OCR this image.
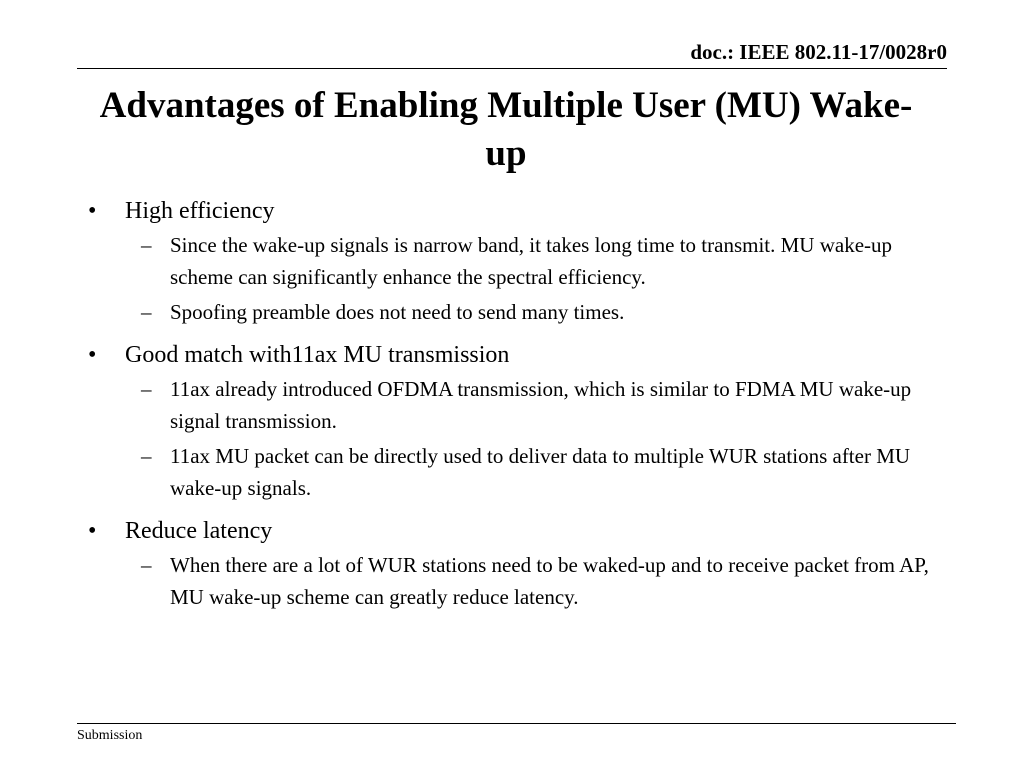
doc.: IEEE 802.11-17/0028r0
Advantages of Enabling Multiple User (MU) Wake-up
• High efficiency
– Since the wake-up signals is narrow band, it takes long time to transmit. MU wake-up scheme can significantly enhance the spectral efficiency.
– Spoofing preamble does not need to send many times.
• Good match with11ax MU transmission
– 11ax already introduced OFDMA transmission, which is similar to FDMA MU wake-up signal transmission.
– 11ax MU packet can be directly used to deliver data to multiple WUR stations after MU wake-up signals.
• Reduce latency
– When there are a lot of WUR stations need to be waked-up and to receive packet from AP, MU wake-up scheme can greatly reduce latency.
Submission
